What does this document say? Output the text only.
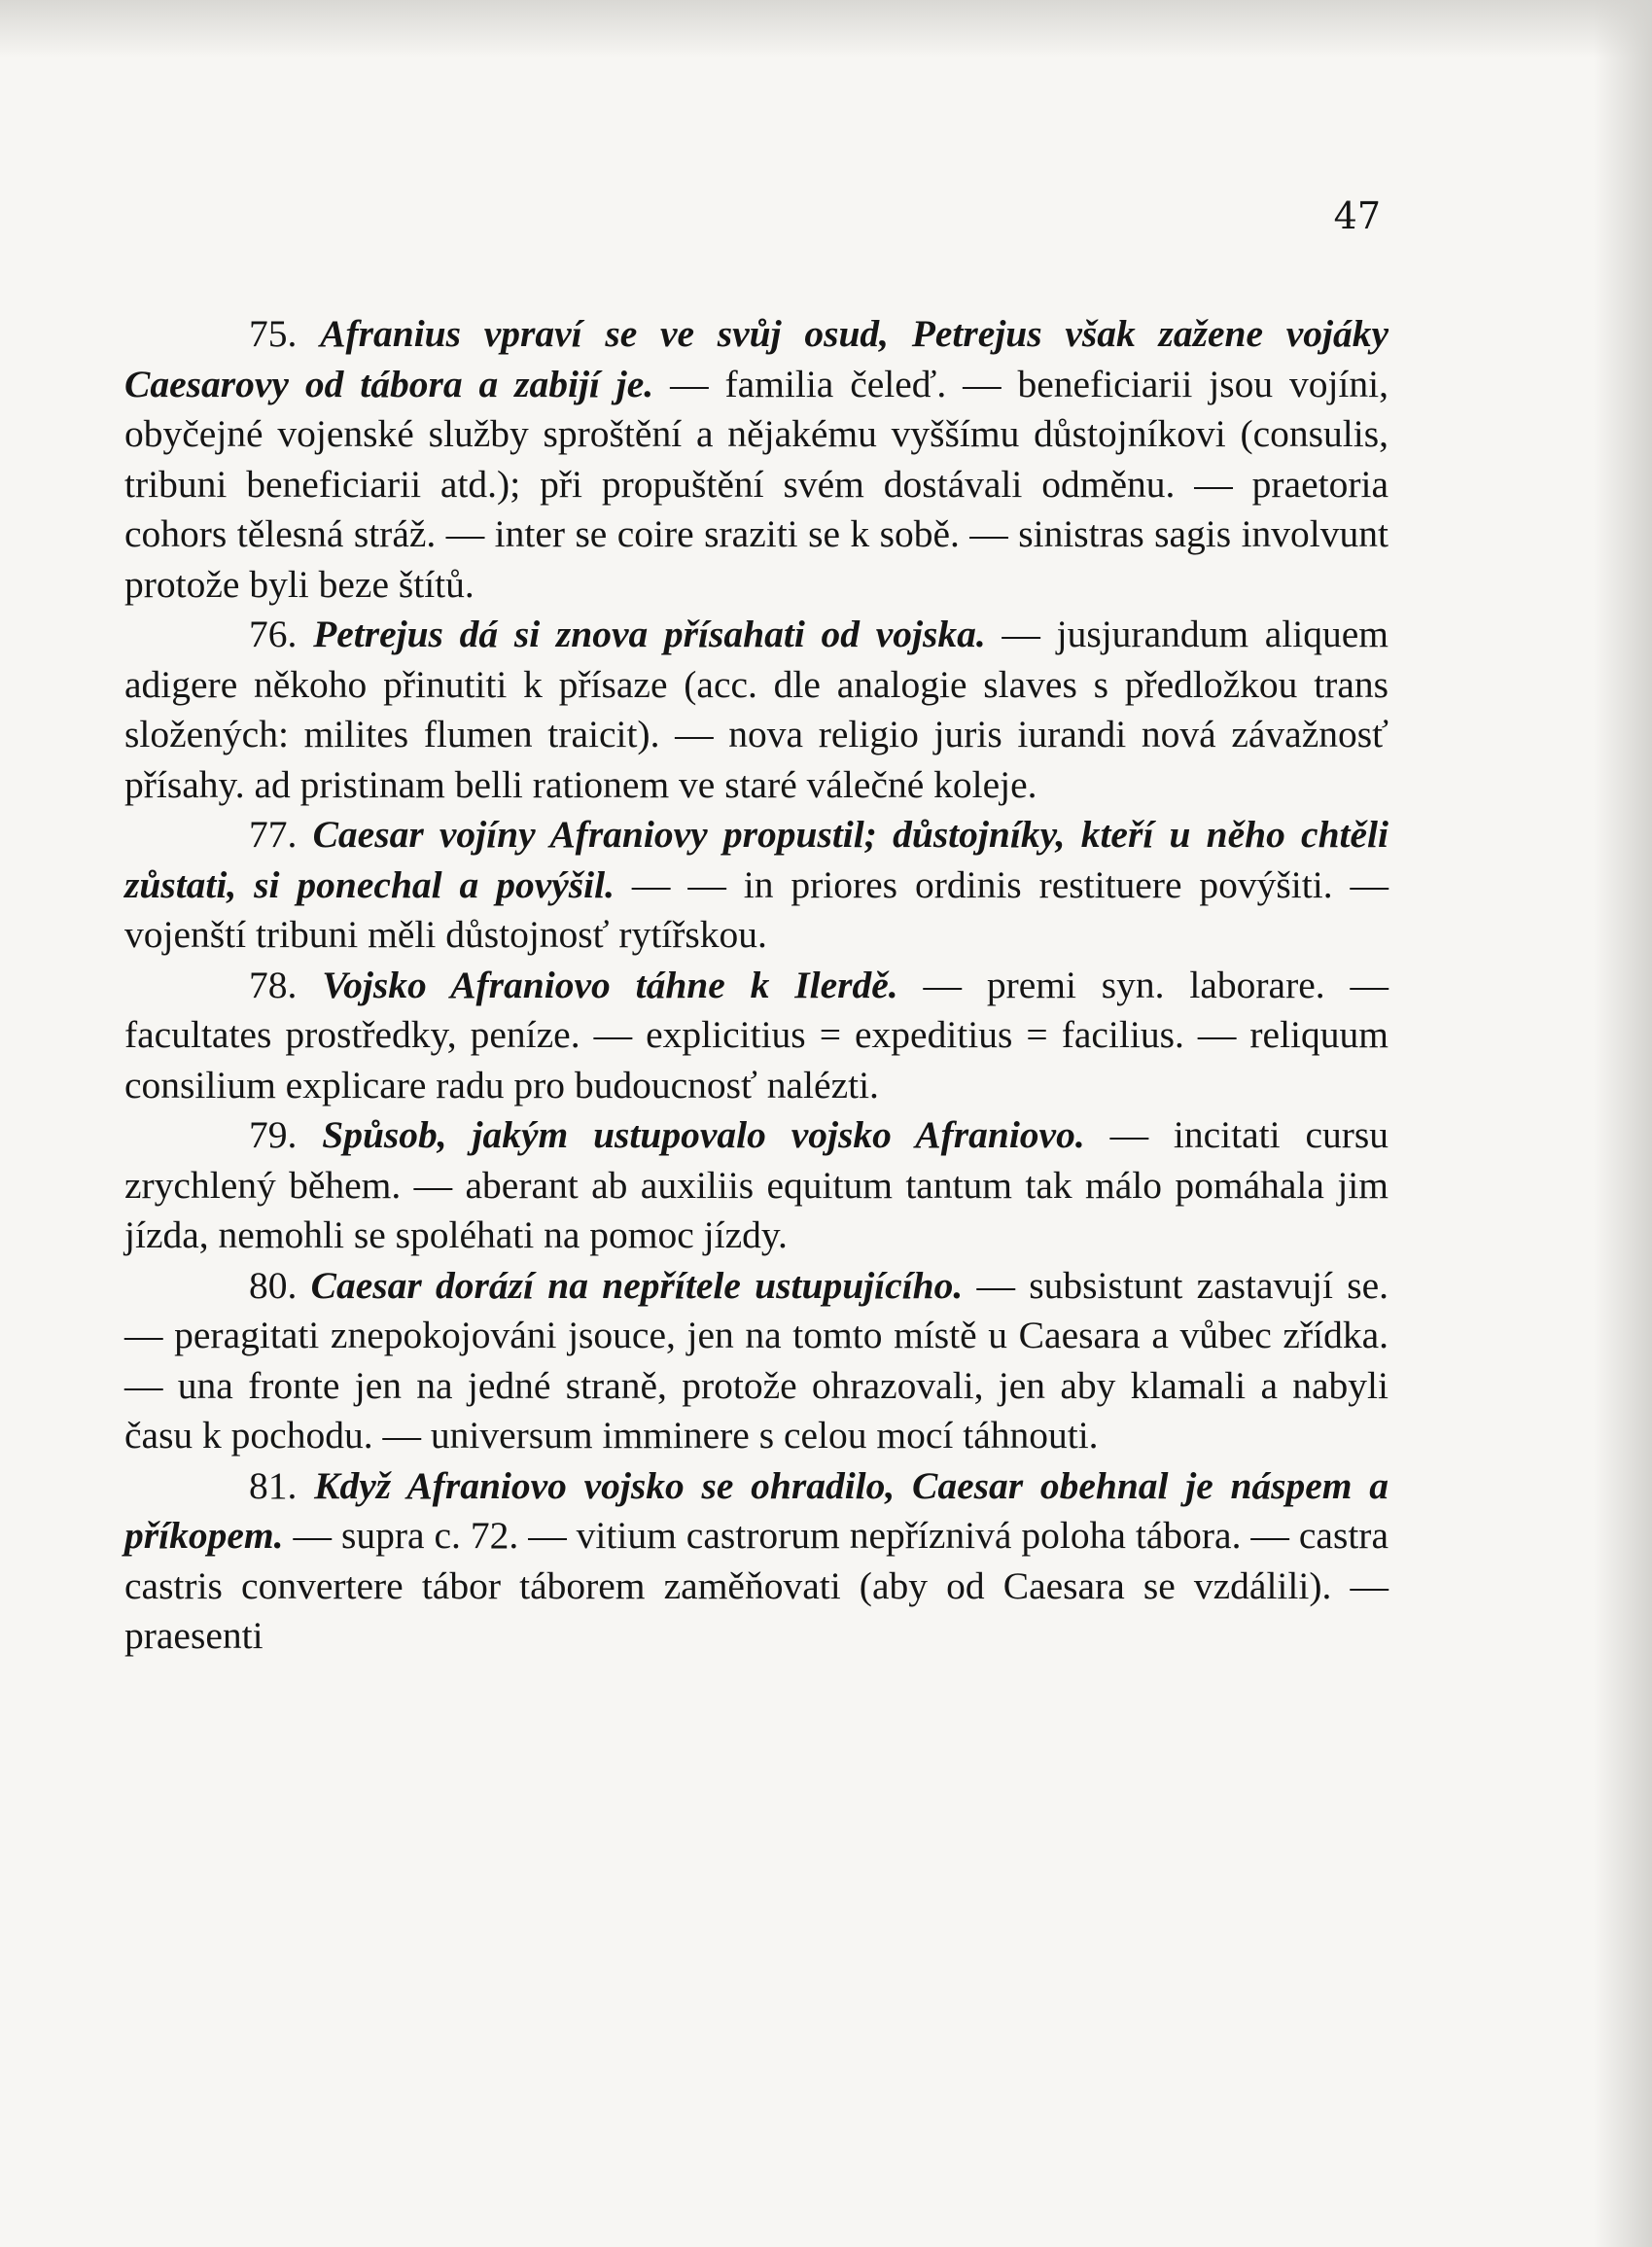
47

75. Afranius vpraví se ve svůj osud, Petrejus však zažene vojáky Caesarovy od tábora a zabijí je. — familia čeleď. — beneficiarii jsou vojíni, obyčejné vojenské služby sproštění a nějakému vyššímu důstojníkovi (consulis, tribuni beneficiarii atd.); při propuštění svém dostávali odměnu. — praetoria cohors tělesná stráž. — inter se coire sraziti se k sobě. — sinistras sagis involvunt protože byli beze štítů.

76. Petrejus dá si znova přísahati od vojska. — jusjurandum aliquem adigere někoho přinutiti k přísaze (acc. dle analogie slaves s předložkou trans složených: milites flumen traicit). — nova religio juris iurandi nová závažnosť přísahy. ad pristinam belli rationem ve staré válečné koleje.

77. Caesar vojíny Afraniovy propustil; důstojníky, kteří u něho chtěli zůstati, si ponechal a povýšil. — — in priores ordinis restituere povýšiti. — vojenští tribuni měli důstojnosť rytířskou.

78. Vojsko Afraniovo táhne k Ilerdě. — premi syn. laborare. — facultates prostředky, peníze. — explicitius = expeditius = facilius. — reliquum consilium explicare radu pro budoucnosť nalézti.

79. Spůsob, jakým ustupovalo vojsko Afraniovo. — incitati cursu zrychlený během. — aberant ab auxiliis equitum tantum tak málo pomáhala jim jízda, nemohli se spoléhati na pomoc jízdy.

80. Caesar dorází na nepřítele ustupujícího. — subsistunt zastavují se. — peragitati znepokojováni jsouce, jen na tomto místě u Caesara a vůbec zřídka. — una fronte jen na jedné straně, protože ohrazovali, jen aby klamali a nabyli času k pochodu. — universum imminere s celou mocí táhnouti.

81. Když Afraniovo vojsko se ohradilo, Caesar obehnal je náspem a příkopem. — supra c. 72. — vitium castrorum nepříznivá poloha tábora. — castra castris convertere tábor táborem zaměňovati (aby od Caesara se vzdálili). — praesenti
